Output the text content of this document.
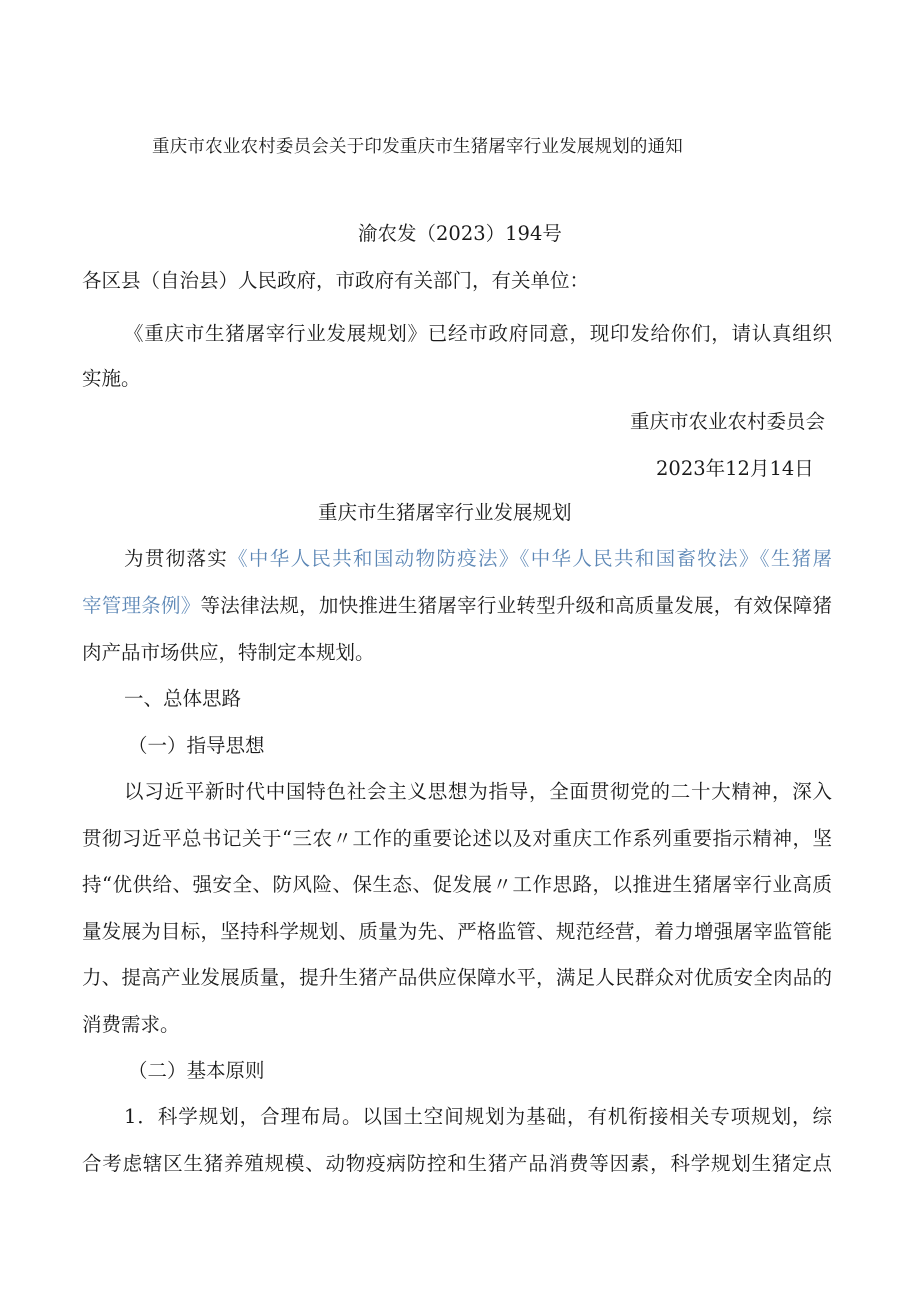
重庆市农业农村委员会关于印发重庆市生猪屠宰行业发展规划的通知
渝农发（2023）194号
各区县（自治县）人民政府，市政府有关部门，有关单位：
《重庆市生猪屠宰行业发展规划》已经市政府同意，现印发给你们，请认真组织
实施。
重庆市农业农村委员会
2023年12月14日
重庆市生猪屠宰行业发展规划
为贯彻落实《中华人民共和国动物防疫法》《中华人民共和国畜牧法》《生猪屠
宰管理条例》等法律法规，加快推进生猪屠宰行业转型升级和高质量发展，有效保障猪
肉产品市场供应，特制定本规划。
一、总体思路
（一）指导思想
以习近平新时代中国特色社会主义思想为指导，全面贯彻党的二十大精神，深入
贯彻习近平总书记关于“三农〃工作的重要论述以及对重庆工作系列重要指示精神，坚
持“优供给、强安全、防风险、保生态、促发展〃工作思路，以推进生猪屠宰行业高质
量发展为目标，坚持科学规划、质量为先、严格监管、规范经营，着力增强屠宰监管能
力、提高产业发展质量，提升生猪产品供应保障水平，满足人民群众对优质安全肉品的
消费需求。
（二）基本原则
1．科学规划，合理布局。以国土空间规划为基础，有机衔接相关专项规划，综
合考虑辖区生猪养殖规模、动物疫病防控和生猪产品消费等因素，科学规划生猪定点
